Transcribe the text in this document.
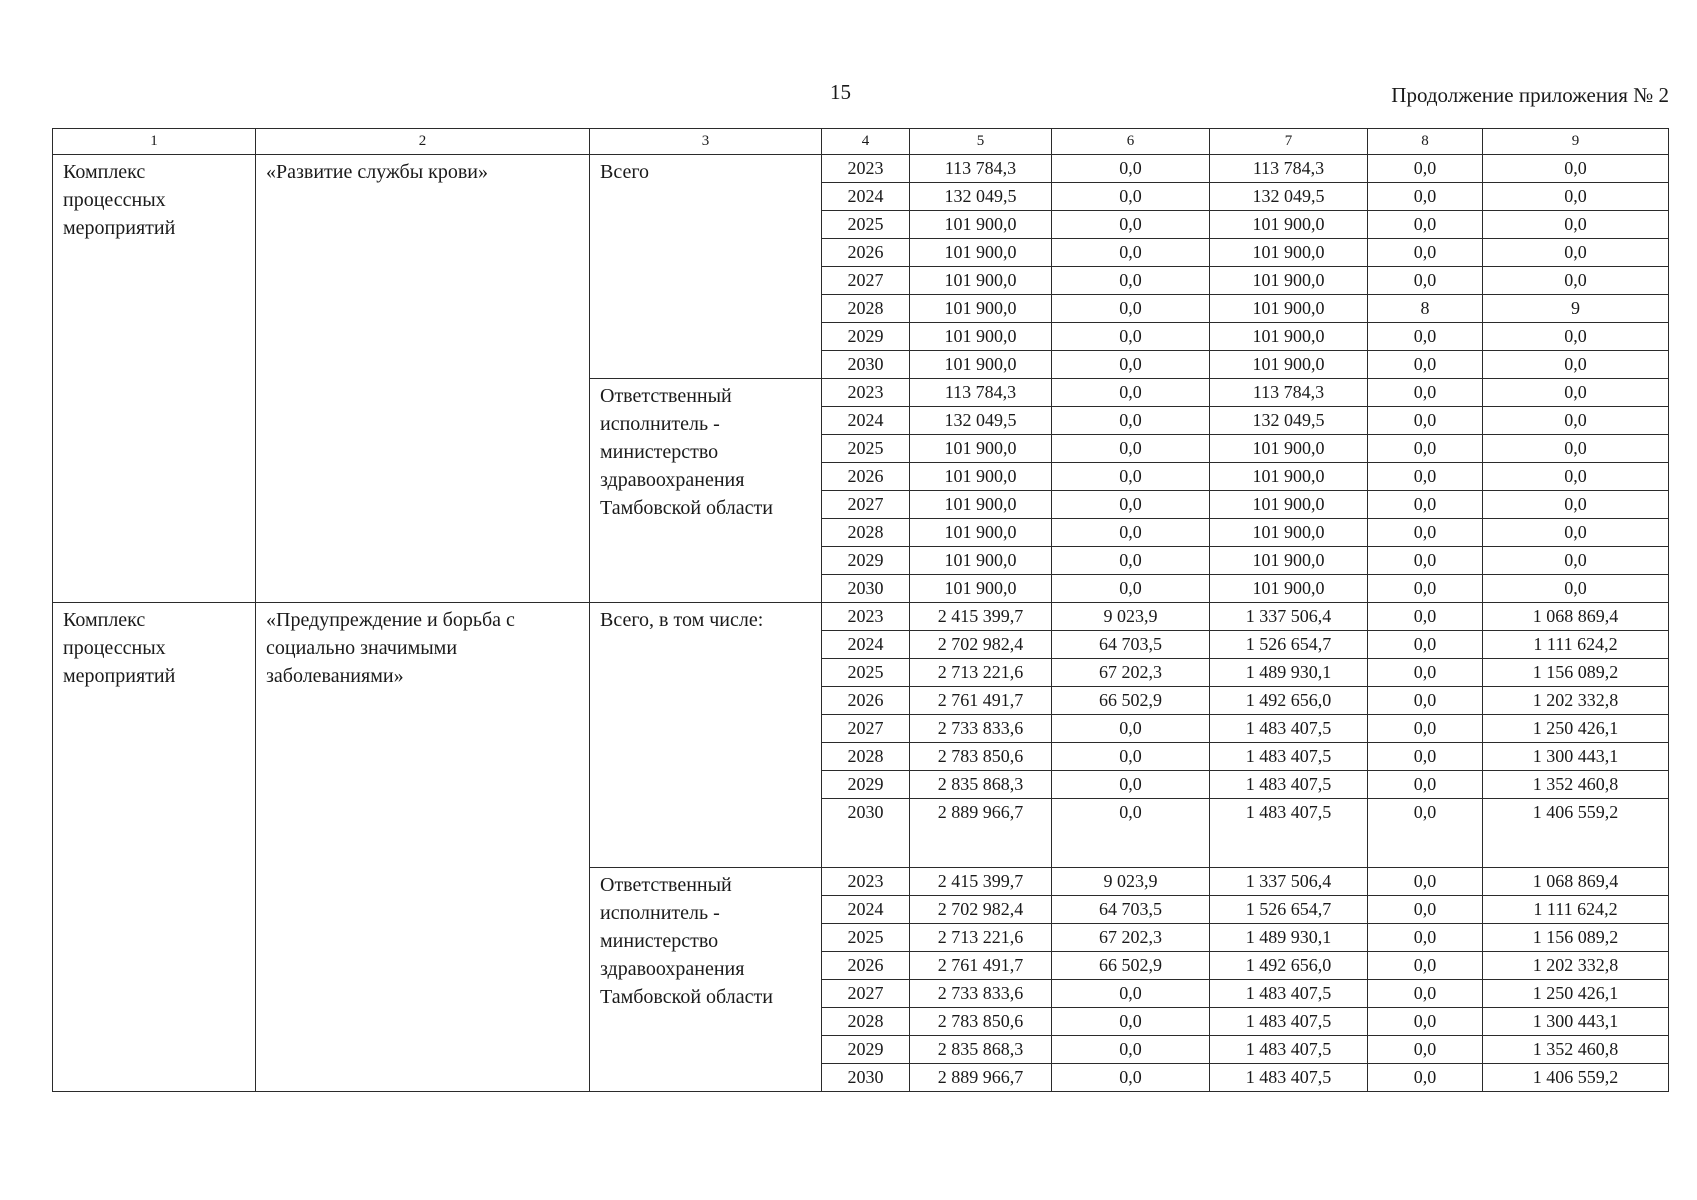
15	Продолжение приложения № 2
1	2	3	4	5	6	7	8	9
Комплекс процессных мероприятий	«Развитие службы крови»	Всего	2023	113 784,3	0,0	113 784,3	0,0	0,0
			2024	132 049,5	0,0	132 049,5	0,0	0,0
			2025	101 900,0	0,0	101 900,0	0,0	0,0
			2026	101 900,0	0,0	101 900,0	0,0	0,0
			2027	101 900,0	0,0	101 900,0	0,0	0,0
			2028	101 900,0	0,0	101 900,0	8	9
			2029	101 900,0	0,0	101 900,0	0,0	0,0
			2030	101 900,0	0,0	101 900,0	0,0	0,0
		Ответственный исполнитель - министерство здравоохранения Тамбовской области	2023	113 784,3	0,0	113 784,3	0,0	0,0
			2024	132 049,5	0,0	132 049,5	0,0	0,0
			2025	101 900,0	0,0	101 900,0	0,0	0,0
			2026	101 900,0	0,0	101 900,0	0,0	0,0
			2027	101 900,0	0,0	101 900,0	0,0	0,0
			2028	101 900,0	0,0	101 900,0	0,0	0,0
			2029	101 900,0	0,0	101 900,0	0,0	0,0
			2030	101 900,0	0,0	101 900,0	0,0	0,0
Комплекс процессных мероприятий	«Предупреждение и борьба с социально значимыми заболеваниями»	Всего, в том числе:	2023	2 415 399,7	9 023,9	1 337 506,4	0,0	1 068 869,4
			2024	2 702 982,4	64 703,5	1 526 654,7	0,0	1 111 624,2
			2025	2 713 221,6	67 202,3	1 489 930,1	0,0	1 156 089,2
			2026	2 761 491,7	66 502,9	1 492 656,0	0,0	1 202 332,8
			2027	2 733 833,6	0,0	1 483 407,5	0,0	1 250 426,1
			2028	2 783 850,6	0,0	1 483 407,5	0,0	1 300 443,1
			2029	2 835 868,3	0,0	1 483 407,5	0,0	1 352 460,8
			2030	2 889 966,7	0,0	1 483 407,5	0,0	1 406 559,2
		Ответственный исполнитель - министерство здравоохранения Тамбовской области	2023	2 415 399,7	9 023,9	1 337 506,4	0,0	1 068 869,4
			2024	2 702 982,4	64 703,5	1 526 654,7	0,0	1 111 624,2
			2025	2 713 221,6	67 202,3	1 489 930,1	0,0	1 156 089,2
			2026	2 761 491,7	66 502,9	1 492 656,0	0,0	1 202 332,8
			2027	2 733 833,6	0,0	1 483 407,5	0,0	1 250 426,1
			2028	2 783 850,6	0,0	1 483 407,5	0,0	1 300 443,1
			2029	2 835 868,3	0,0	1 483 407,5	0,0	1 352 460,8
			2030	2 889 966,7	0,0	1 483 407,5	0,0	1 406 559,2
